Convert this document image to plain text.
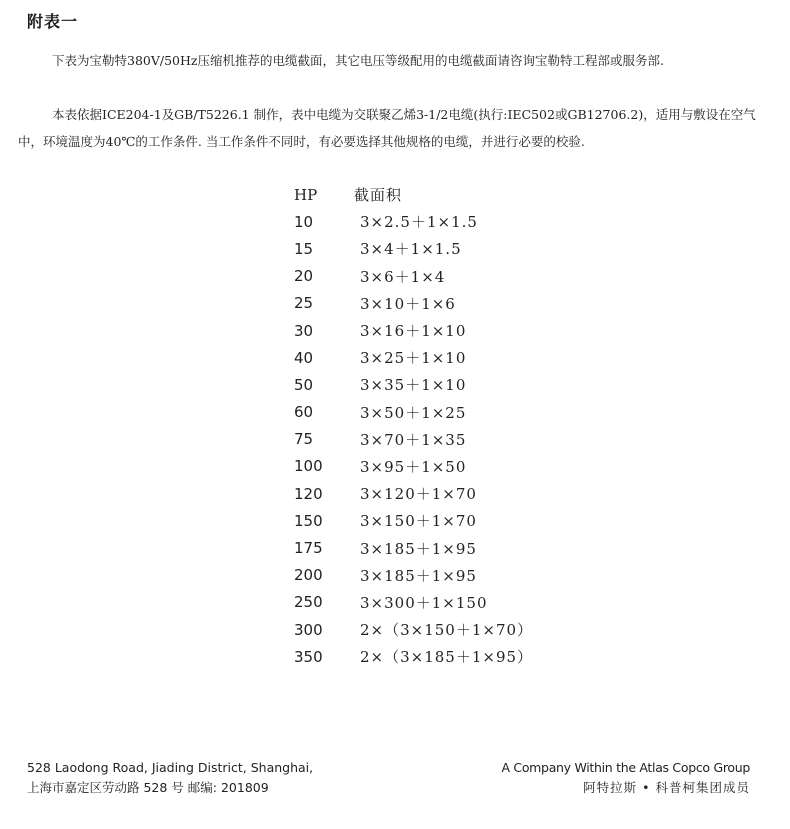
附表一

下表为宝勒特380V/50Hz压缩机推荐的电缆截面，其它电压等级配用的电缆截面请咨询宝勒特工程部或服务部.

本表依据ICE204-1及GB/T5226.1 制作，表中电缆为交联聚乙烯3-1/2电缆(执行:IEC502或GB12706.2)，适用与敷设在空气中，环境温度为40℃的工作条件. 当工作条件不同时，有必要选择其他规格的电缆，并进行必要的校验.

HP	截面积
10	3×2.5＋1×1.5
15	3×4＋1×1.5
20	3×6＋1×4
25	3×10＋1×6
30	3×16＋1×10
40	3×25＋1×10
50	3×35＋1×10
60	3×50＋1×25
75	3×70＋1×35
100	3×95＋1×50
120	3×120＋1×70
150	3×150＋1×70
175	3×185＋1×95
200	3×185＋1×95
250	3×300＋1×150
300	2×（3×150＋1×70）
350	2×（3×185＋1×95）
528 Laodong Road, Jiading District, Shanghai,
上海市嘉定区劳动路 528 号 邮编: 201809
A Company Within the Atlas Copco Group
阿特拉斯 • 科普柯集团成员
